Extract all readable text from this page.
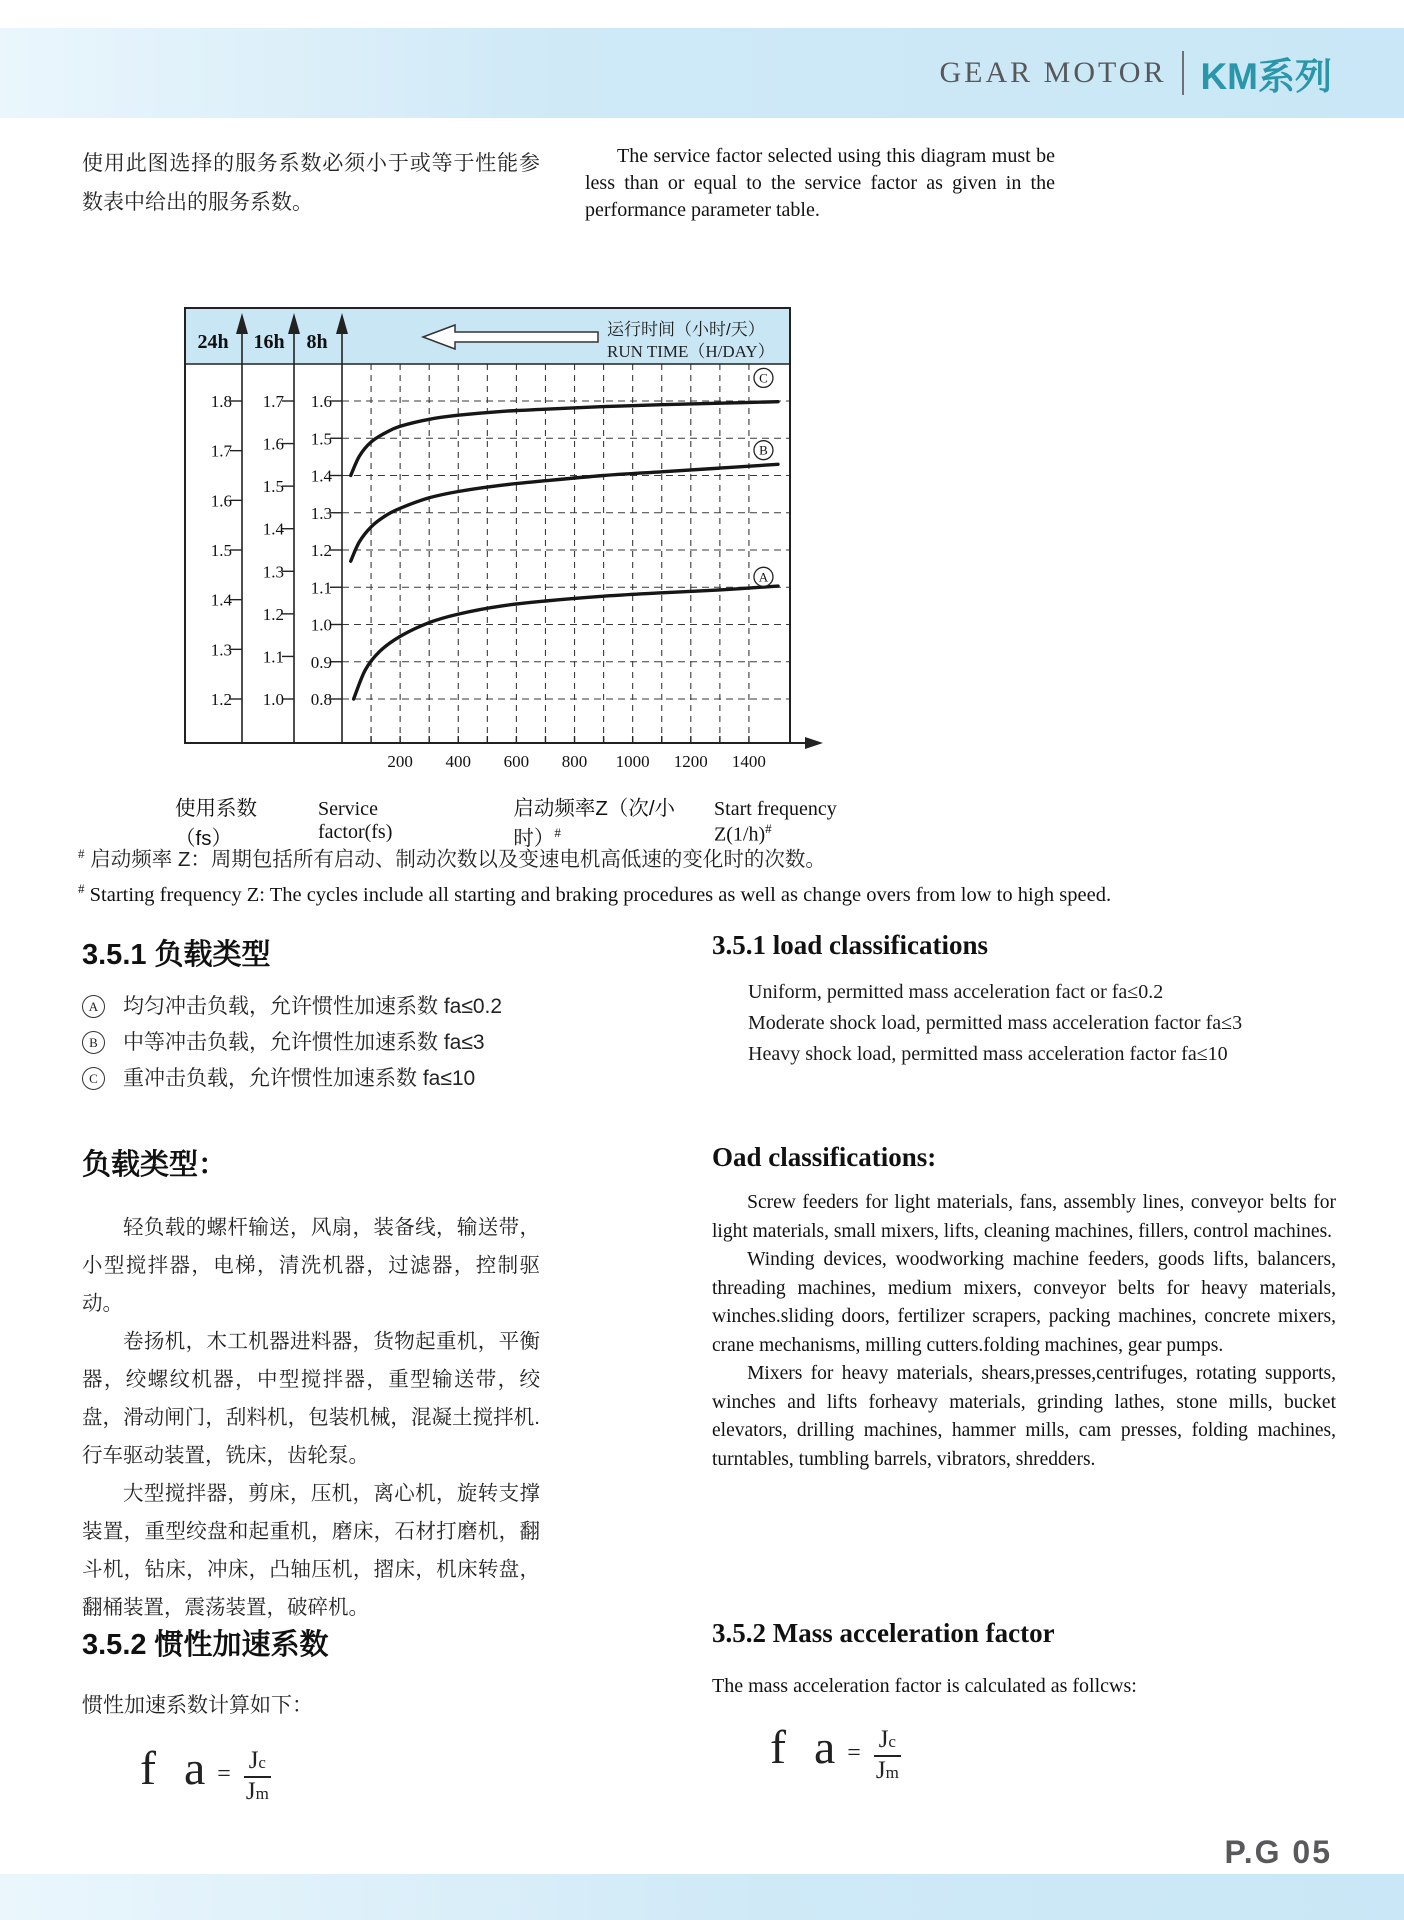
GEAR MOTOR KM系列
使用此图选择的服务系数必须小于或等于性能参数表中给出的服务系数。
The service factor selected using this diagram must be less than or equal to the service factor as given in the performance parameter table.
24h
1.8
1.7
1.6
1.5
1.4
1.3
1.2
16h
1.7
1.6
1.5
1.4
1.3
1.2
1.1
1.0
8h
1.6
1.5
1.4
1.3
1.2
1.1
1.0
0.9
0.8
200 400 600 800 1000 1200 1400
运行时间（小时/天）
RUN TIME（H/DAY）
C
B
A
使用系数（fs）
Service factor(fs)
启动频率Z（次/小时）#
Start frequency Z(1/h)#
# 启动频率 Z：周期包括所有启动、制动次数以及变速电机高低速的变化时的次数。
# Starting frequency Z: The cycles include all starting and braking procedures as well as change overs from low to high speed.
3.5.1 负载类型
A	均匀冲击负载，允许惯性加速系数 fa≤0.2
B	中等冲击负载，允许惯性加速系数 fa≤3
C	重冲击负载，允许惯性加速系数 fa≤10
3.5.1 load classifications

Uniform, permitted mass acceleration fact or fa≤0.2

Moderate shock load, permitted mass acceleration factor fa≤3

Heavy shock load, permitted mass acceleration factor fa≤10

负载类型：

轻负载的螺杆输送，风扇，装备线，输送带，小型搅拌器，电梯，清洗机器，过滤器，控制驱动。

卷扬机，木工机器进料器，货物起重机，平衡器，绞螺纹机器，中型搅拌器，重型输送带，绞盘，滑动闸门，刮料机，包装机械，混凝土搅拌机.行车驱动装置，铣床，齿轮泵。

大型搅拌器，剪床，压机，离心机，旋转支撑装置，重型绞盘和起重机，磨床，石材打磨机，翻斗机，钻床，冲床，凸轴压机，摺床，机床转盘，翻桶装置，震荡装置，破碎机。

Oad classifications:

Screw feeders for light materials, fans, assembly lines, conveyor belts for light materials, small mixers, lifts, cleaning machines, fillers, control machines.

Winding devices, woodworking machine feeders, goods lifts, balancers, threading machines, medium mixers, conveyor belts for heavy materials, winches.sliding doors, fertilizer scrapers, packing machines, concrete mixers, crane mechanisms, milling cutters.folding machines, gear pumps.

Mixers for heavy materials, shears,presses,centrifuges, rotating supports, winches and lifts forheavy materials, grinding lathes, stone mills, bucket elevators, drilling machines, hammer mills, cam presses, folding machines, turntables, tumbling barrels, vibrators, shredders.

3.5.2 惯性加速系数
惯性加速系数计算如下：
f $a = \frac{Jc}{Jm}$
3.5.2 Mass acceleration factor
The mass acceleration factor is calculated as follcws:
f $a = \frac{Jc}{Jm}$
P.G 05
